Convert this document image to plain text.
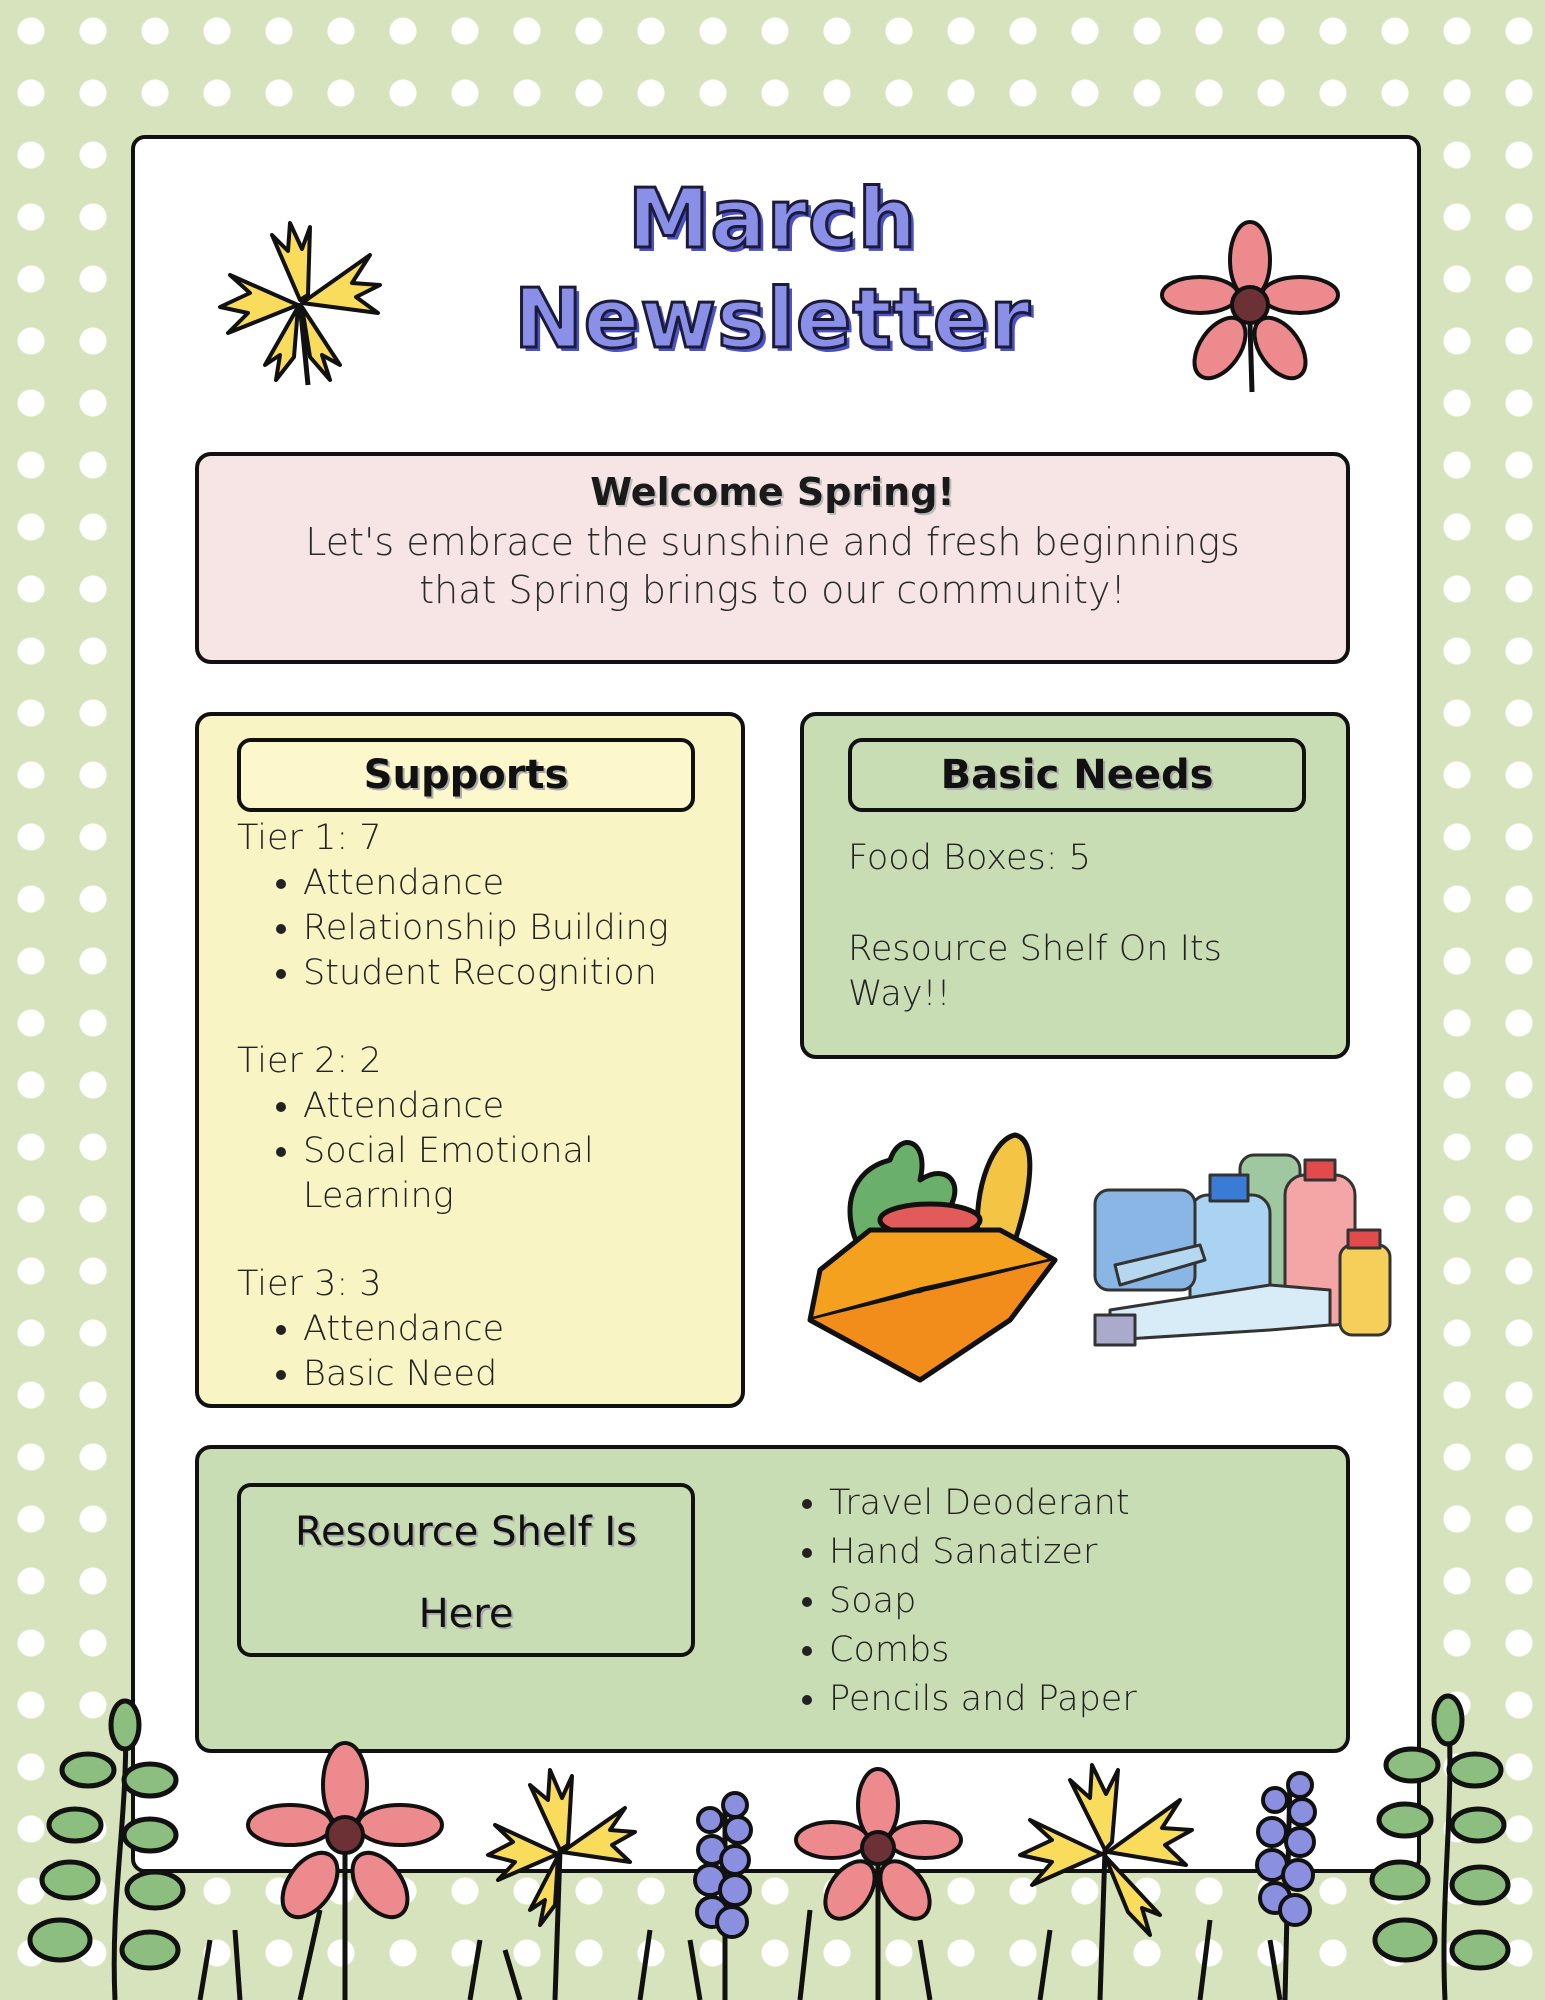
March
Newsletter
Welcome Spring!

Let's embrace the sunshine and fresh beginnings

that Spring brings to our community!

Supports
Tier 1: 7
• Attendance
• Relationship Building
• Student Recognition
Tier 2: 2
• Attendance
• Social Emotional
Learning
Tier 3: 3
• Attendance
• Basic Need
Basic Needs

Food Boxes: 5

Resource Shelf On Its
Way!!
Resource Shelf Is
Here
• Travel Deoderant
• Hand Sanatizer
• Soap
• Combs
• Pencils and Paper
